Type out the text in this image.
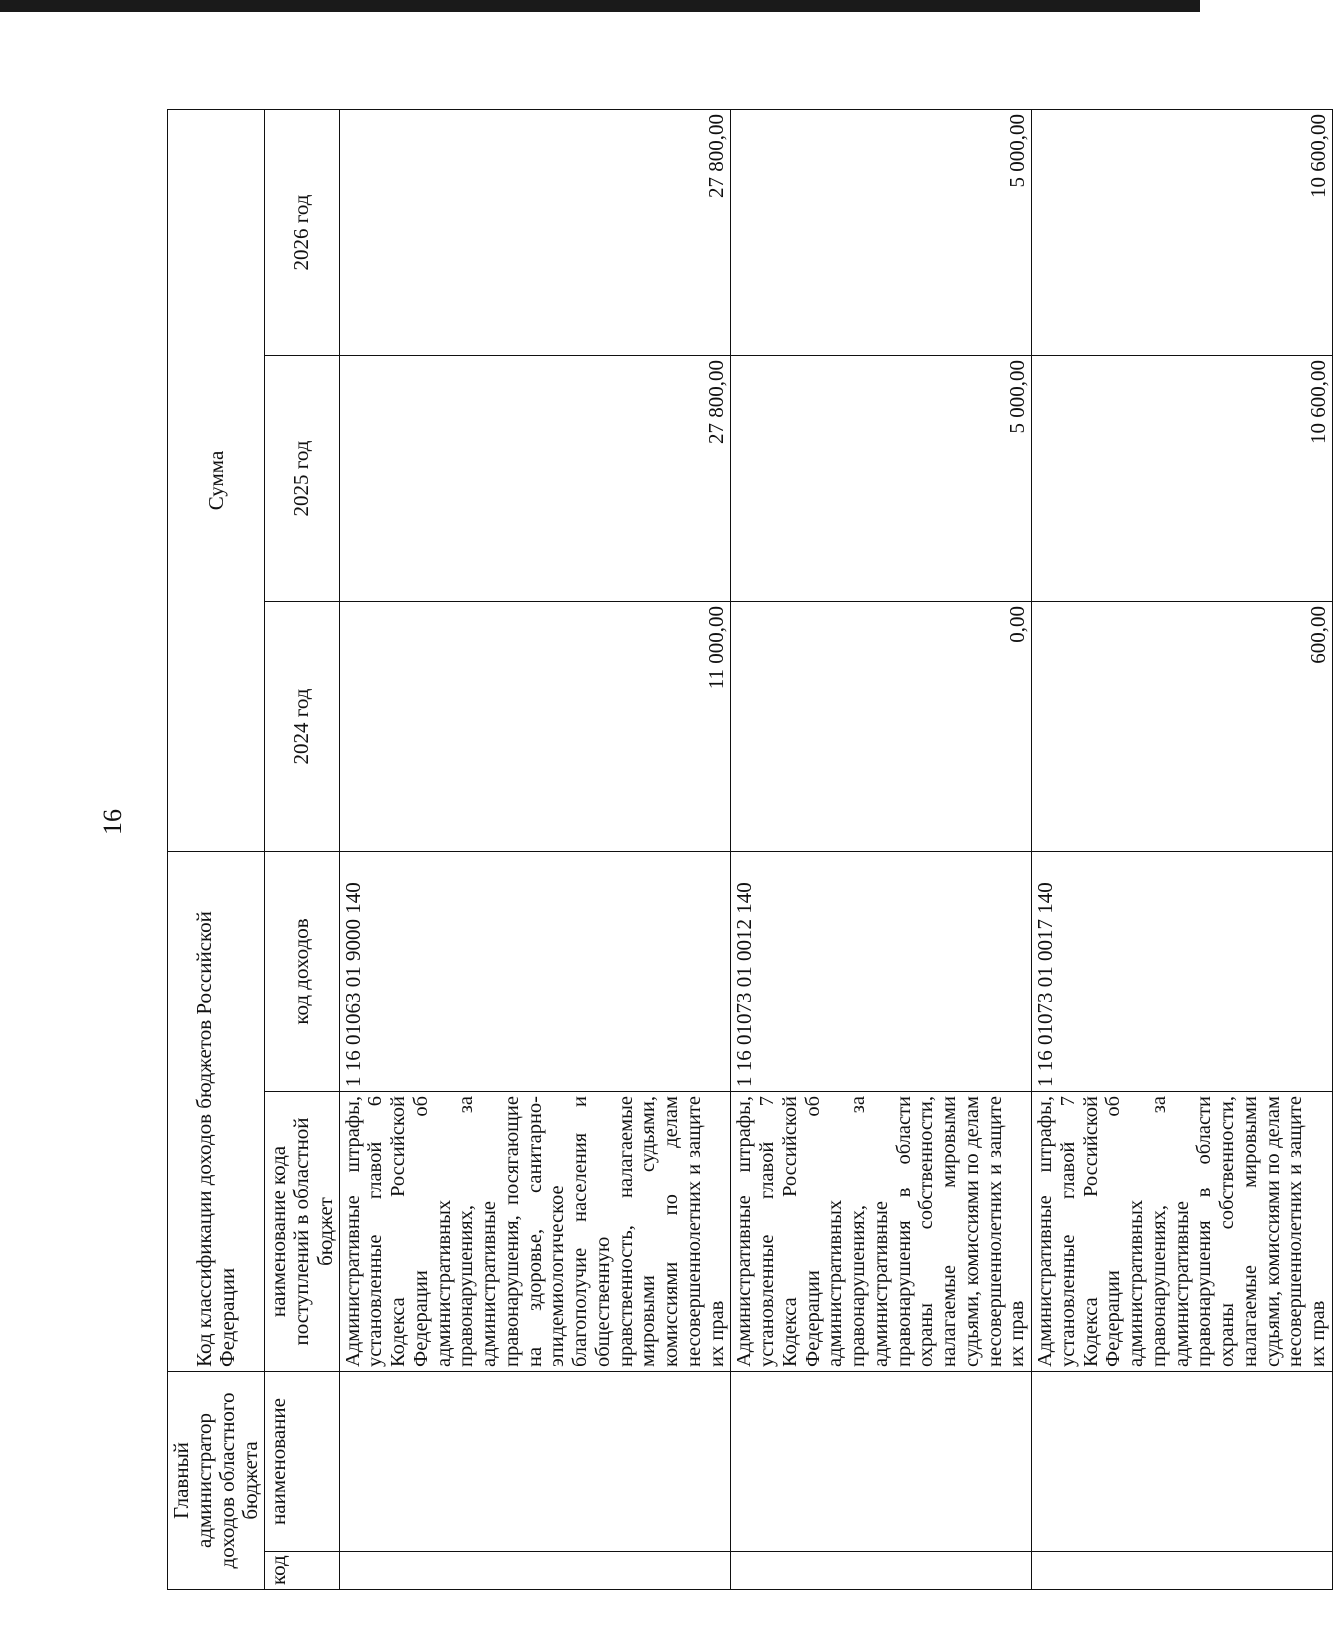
16
Главный администратор доходов областного бюджета		Код классификации доходов бюджетов Российской Федерации		Сумма		
код	наименование	наименование кода поступлений в областной бюджет	код доходов	2024 год	2025 год	2026 год
		Административные штрафы, установленные главой 6 Кодекса Российской Федерации об административных правонарушениях, за административные правонарушения, посягающие на здоровье, санитарно-эпидемиологическое благополучие населения и общественную нравственность, налагаемые мировыми судьями, комиссиями по делам несовершеннолетних и защите их прав	1 16 01063 01 9000 140	11 000,00	27 800,00	27 800,00
		Административные штрафы, установленные главой 7 Кодекса Российской Федерации об административных правонарушениях, за административные правонарушения в области охраны собственности, налагаемые мировыми судьями, комиссиями по делам несовершеннолетних и защите их прав	1 16 01073 01 0012 140	0,00	5 000,00	5 000,00
		Административные штрафы, установленные главой 7 Кодекса Российской Федерации об административных правонарушениях, за административные правонарушения в области охраны собственности, налагаемые мировыми судьями, комиссиями по делам несовершеннолетних и защите их прав	1 16 01073 01 0017 140	600,00	10 600,00	10 600,00
